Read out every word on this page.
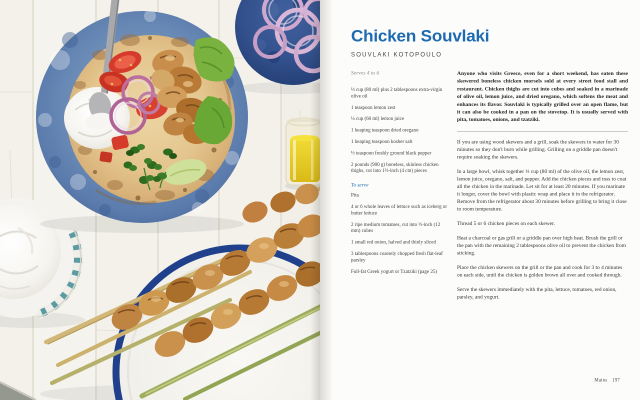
Chicken Souvlaki
SOUVLAKI KOTOPOULO
Serves 4 to 6
⅓ cup (80 ml) plus 2 tablespoons extra-virgin olive oil
1 teaspoon lemon zest
¼ cup (60 ml) lemon juice
1 heaping teaspoon dried oregano
1 heaping teaspoon kosher salt
½ teaspoon freshly ground black pepper
2 pounds (900 g) boneless, skinless chicken thighs, cut into 1½-inch (4 cm) pieces
To serve
Pita
4 or 6 whole leaves of lettuce such as iceberg or butter lettuce
2 ripe medium tomatoes, cut into ½-inch (12 mm) cubes
1 small red onion, halved and thinly sliced
3 tablespoons coarsely chopped fresh flat-leaf parsley
Full-fat Greek yogurt or Tzatziki (page 25)

Anyone who visits Greece, even for a short weekend, has eaten these skewered boneless chicken morsels sold at every street food stall and restaurant. Chicken thighs are cut into cubes and soaked in a marinade of olive oil, lemon juice, and dried oregano, which softens the meat and enhances its flavor. Souvlaki is typically grilled over an open flame, but it can also be cooked in a pan on the stovetop. It is usually served with pita, tomatoes, onions, and tzatziki.

If you are using wood skewers and a grill, soak the skewers in water for 30 minutes so they don't burn while grilling. Grilling on a griddle pan doesn't require soaking the skewers.

In a large bowl, whisk together ⅓ cup (80 ml) of the olive oil, the lemon zest, lemon juice, oregano, salt, and pepper. Add the chicken pieces and toss to coat all the chicken in the marinade. Let sit for at least 20 minutes. If you marinate it longer, cover the bowl with plastic wrap and place it in the refrigerator. Remove from the refrigerator about 30 minutes before grilling to bring it close to room temperature.

Thread 5 or 6 chicken pieces on each skewer.

Heat a charcoal or gas grill or a griddle pan over high heat. Brush the grill or the pan with the remaining 2 tablespoons olive oil to prevent the chicken from sticking.

Place the chicken skewers on the grill or the pan and cook for 3 to 4 minutes on each side, until the chicken is golden brown all over and cooked through.

Serve the skewers immediately with the pita, lettuce, tomatoes, red onion, parsley, and yogurt.

Mains 197
